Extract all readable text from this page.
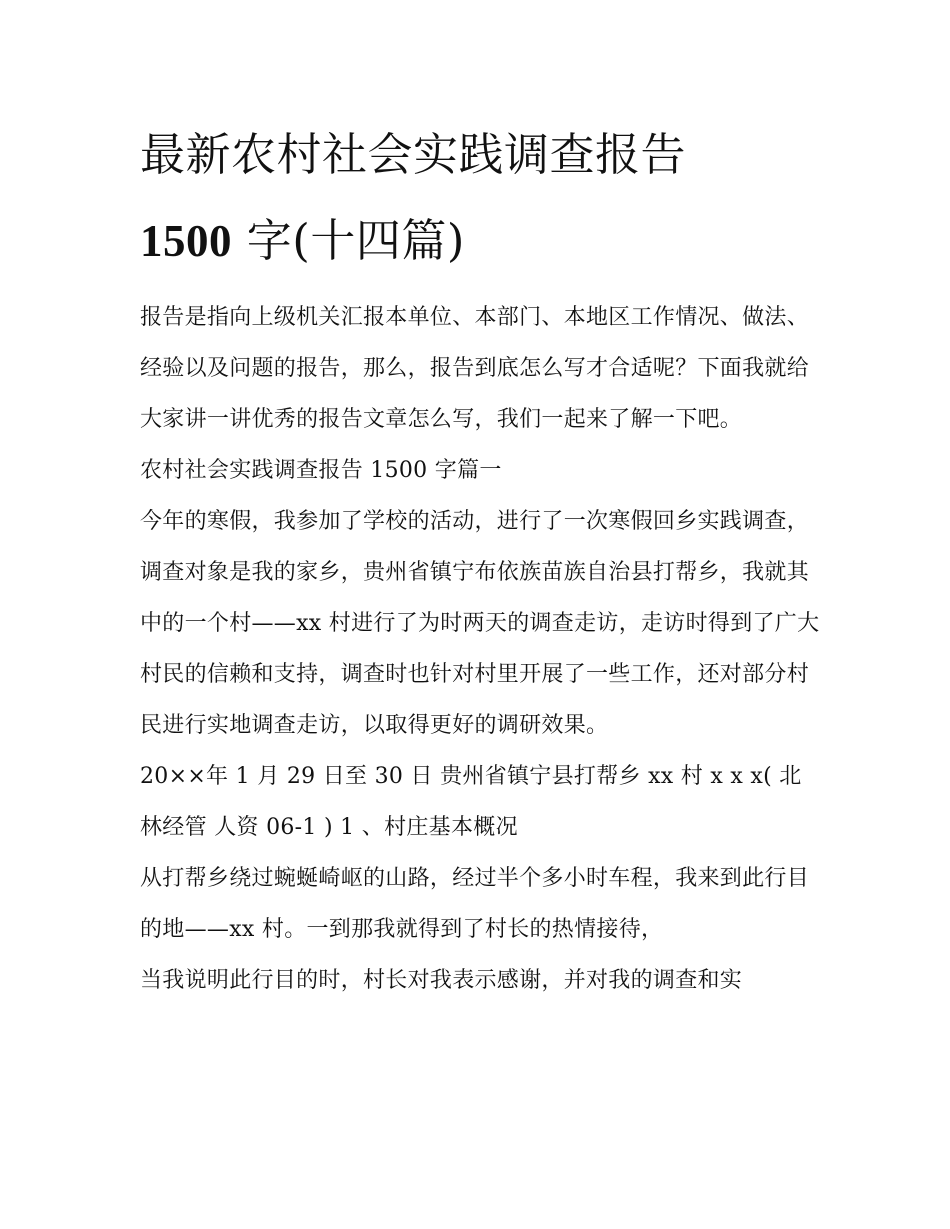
最新农村社会实践调查报告
1500 字(十四篇)

报告是指向上级机关汇报本单位、本部门、本地区工作情况、做法、经验以及问题的报告，那么，报告到底怎么写才合适呢？下面我就给大家讲一讲优秀的报告文章怎么写，我们一起来了解一下吧。

农村社会实践调查报告 1500 字篇一

今年的寒假，我参加了学校的活动，进行了一次寒假回乡实践调查，调查对象是我的家乡，贵州省镇宁布依族苗族自治县打帮乡，我就其中的一个村——xx 村进行了为时两天的调查走访，走访时得到了广大村民的信赖和支持，调查时也针对村里开展了一些工作，还对部分村民进行实地调查走访，以取得更好的调研效果。

20××年 1 月 29 日至 30 日 贵州省镇宁县打帮乡 xx 村 x x x( 北林经管 人资 06-1 ) 1 、村庄基本概况

从打帮乡绕过蜿蜒崎岖的山路，经过半个多小时车程，我来到此行目的地——xx 村。一到那我就得到了村长的热情接待，

当我说明此行目的时，村长对我表示感谢，并对我的调查和实
